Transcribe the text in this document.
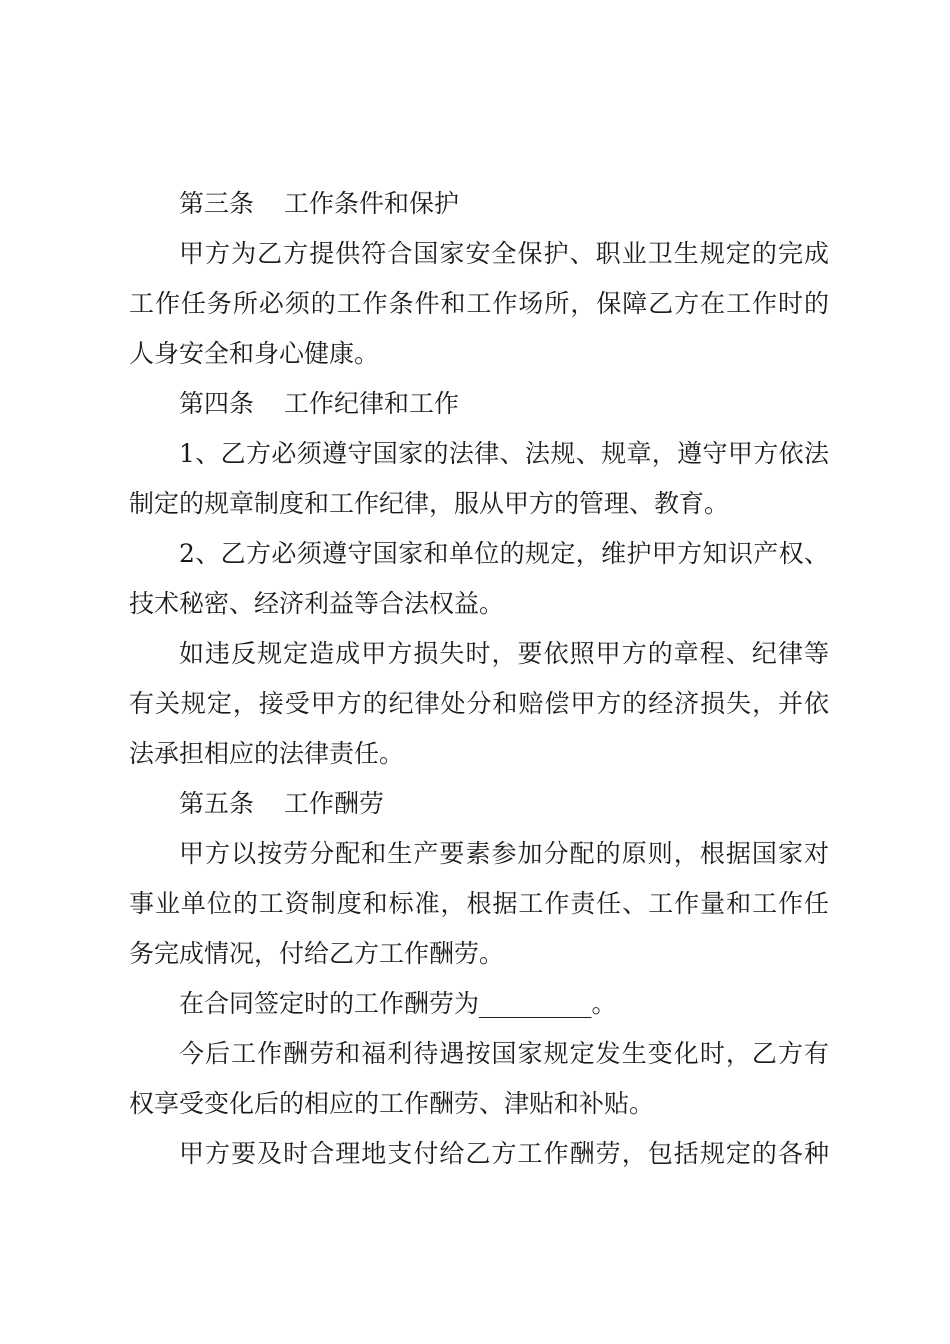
第三条 工作条件和保护
甲方为乙方提供符合国家安全保护、职业卫生规定的完成
工作任务所必须的工作条件和工作场所，保障乙方在工作时的
人身安全和身心健康。
第四条 工作纪律和工作
1、乙方必须遵守国家的法律、法规、规章，遵守甲方依法
制定的规章制度和工作纪律，服从甲方的管理、教育。
2、乙方必须遵守国家和单位的规定，维护甲方知识产权、
技术秘密、经济利益等合法权益。
如违反规定造成甲方损失时，要依照甲方的章程、纪律等
有关规定，接受甲方的纪律处分和赔偿甲方的经济损失，并依
法承担相应的法律责任。
第五条 工作酬劳
甲方以按劳分配和生产要素参加分配的原则，根据国家对
事业单位的工资制度和标准，根据工作责任、工作量和工作任
务完成情况，付给乙方工作酬劳。
在合同签定时的工作酬劳为_________。
今后工作酬劳和福利待遇按国家规定发生变化时，乙方有
权享受变化后的相应的工作酬劳、津贴和补贴。
甲方要及时合理地支付给乙方工作酬劳，包括规定的各种
